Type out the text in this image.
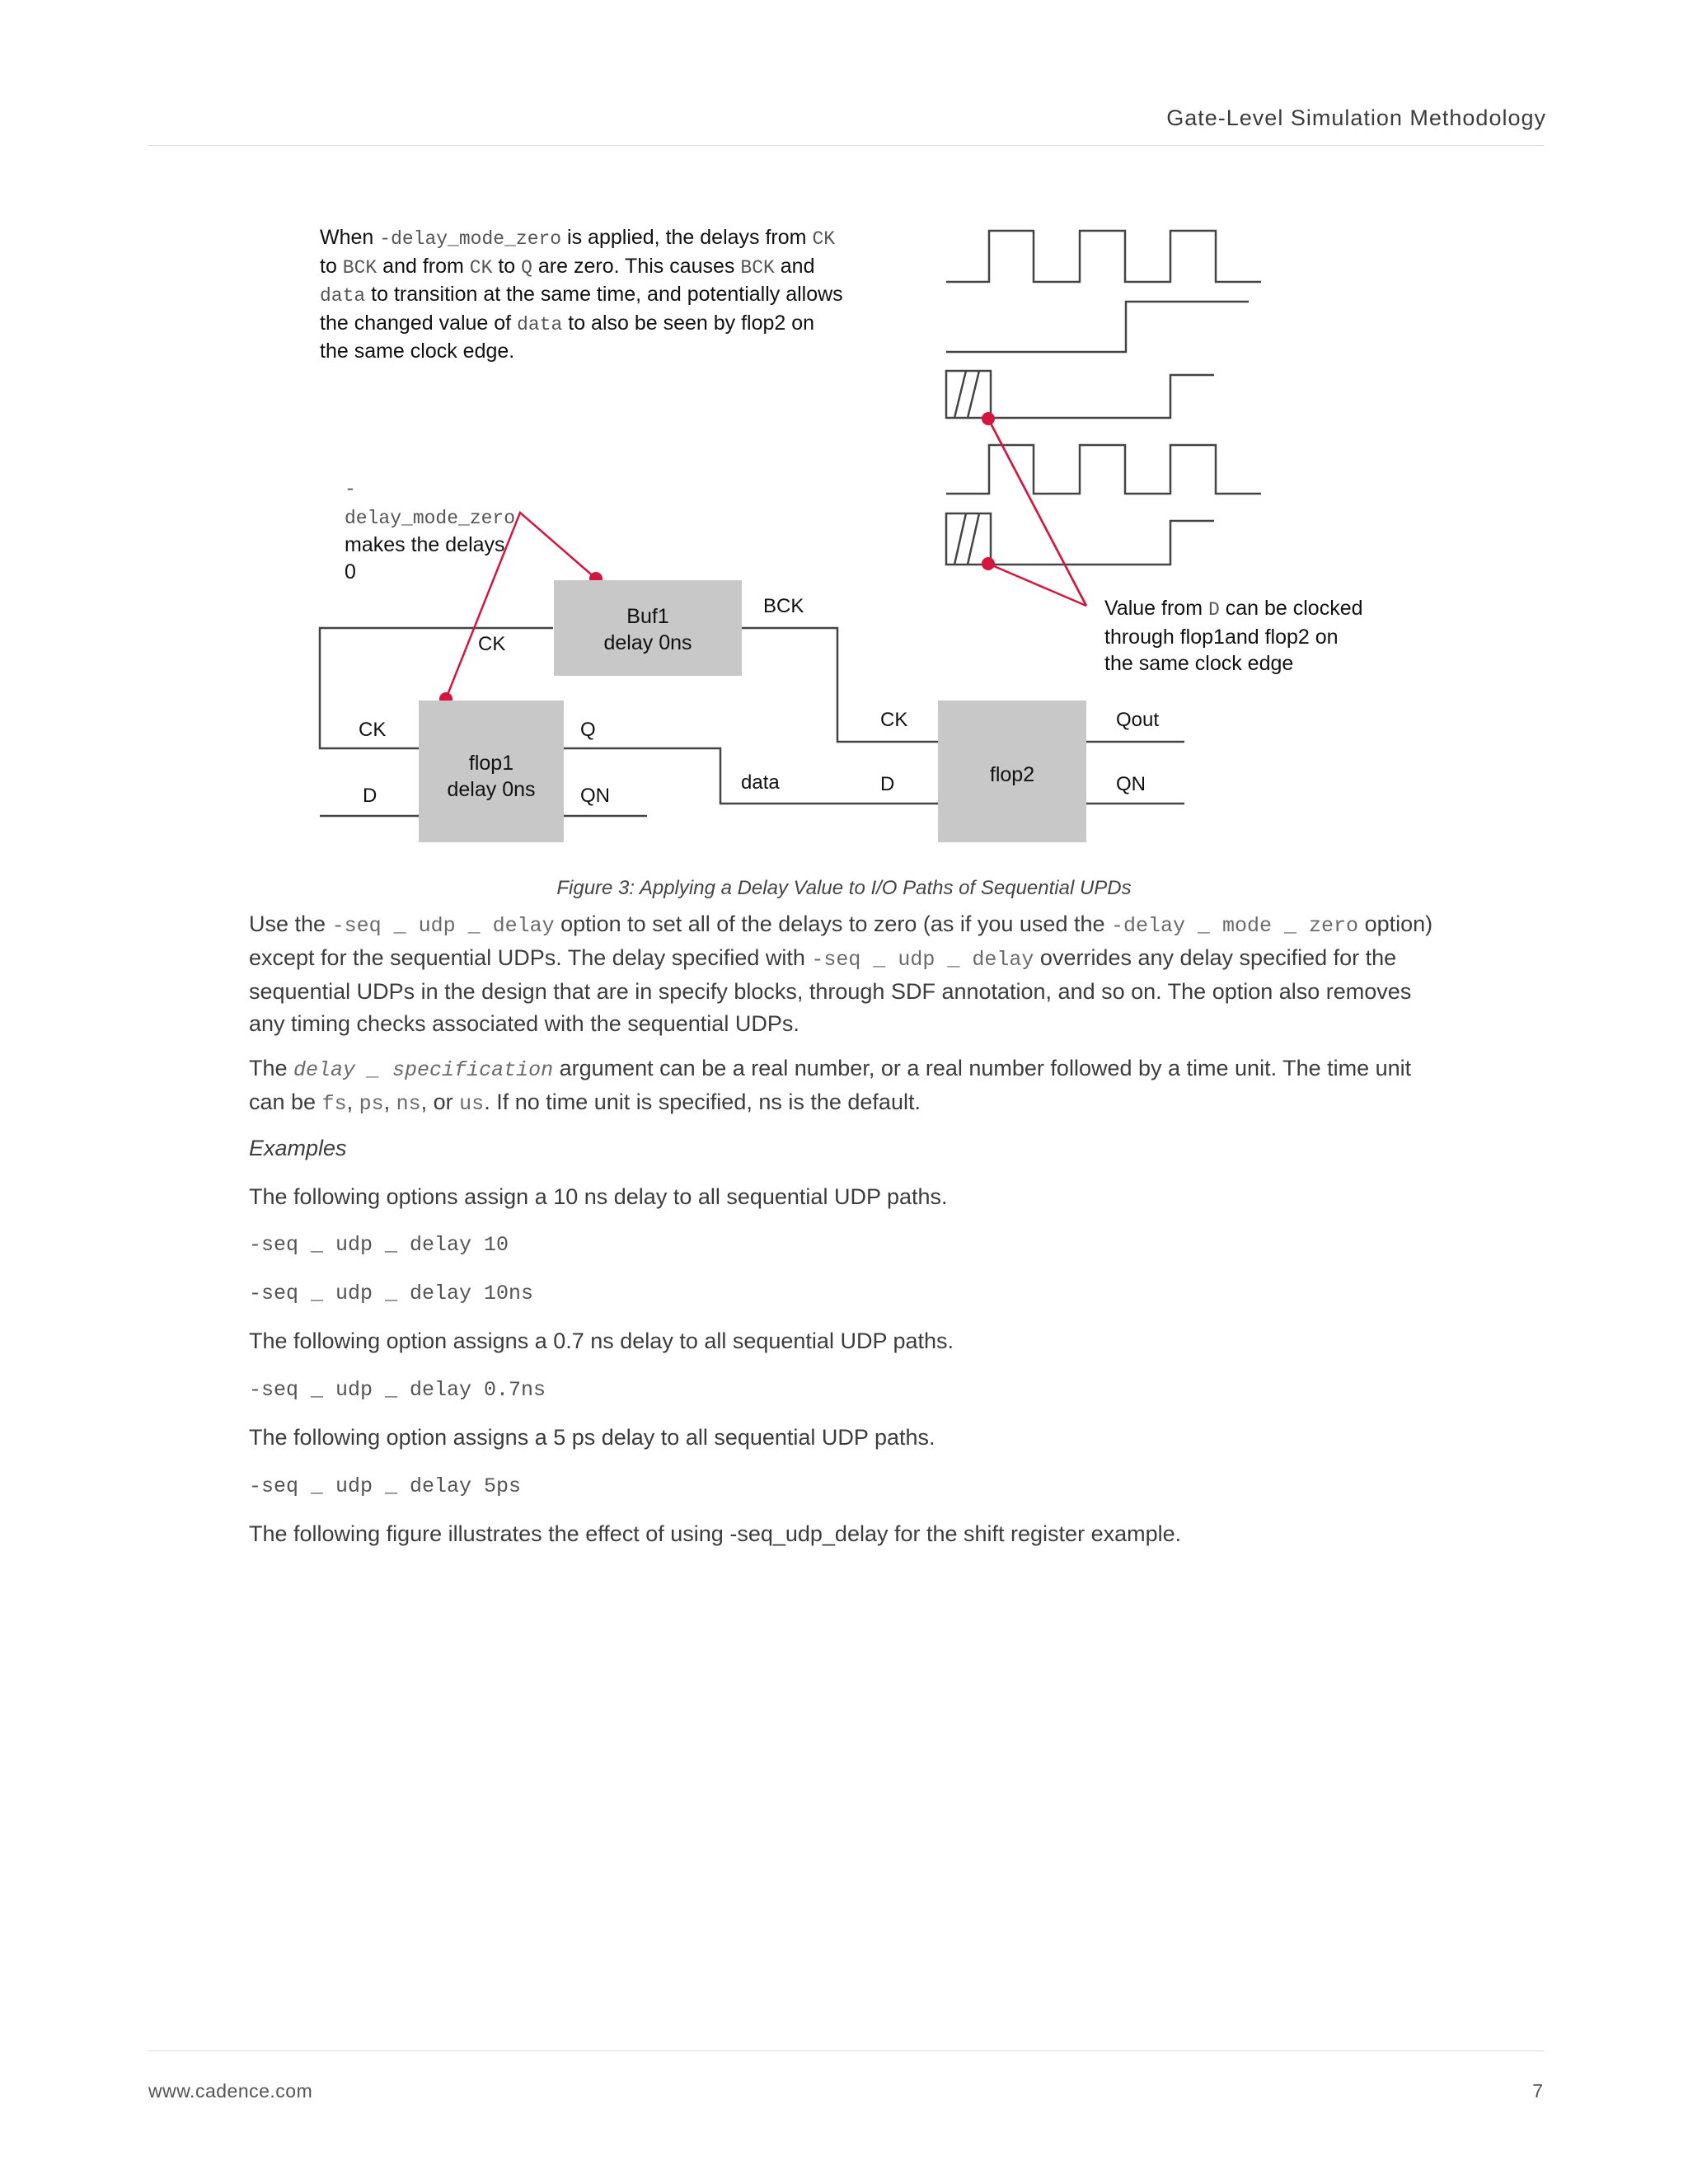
Gate-Level Simulation Methodology
When -delay_mode_zero is applied, the delays from CK to BCK and from CK to Q are zero. This causes BCK and data to transition at the same time, and potentially allows the changed value of data to also be seen by flop2 on the same clock edge.
-delay_mode_zero makes the delays 0
Value from D can be clocked through flop1and flop2 on the same clock edge
Buf1
delay 0ns
flop1
delay 0ns
flop2
CK
BCK
CK
D
Q
QN
data
CK
D
Qout
QN
Figure 3: Applying a Delay Value to I/O Paths of Sequential UPDs

Use the -seq _ udp _ delay option to set all of the delays to zero (as if you used the -delay _ mode _ zero option) except for the sequential UDPs. The delay specified with -seq _ udp _ delay overrides any delay specified for the sequential UDPs in the design that are in specify blocks, through SDF annotation, and so on. The option also removes any timing checks associated with the sequential UDPs.

The delay _ specification argument can be a real number, or a real number followed by a time unit. The time unit can be fs, ps, ns, or us. If no time unit is specified, ns is the default.

Examples

The following options assign a 10 ns delay to all sequential UDP paths.

-seq _ udp _ delay 10
-seq _ udp _ delay 10ns

The following option assigns a 0.7 ns delay to all sequential UDP paths.

-seq _ udp _ delay 0.7ns

The following option assigns a 5 ps delay to all sequential UDP paths.

-seq _ udp _ delay 5ps

The following figure illustrates the effect of using -seq_udp_delay for the shift register example.

www.cadence.com	7
